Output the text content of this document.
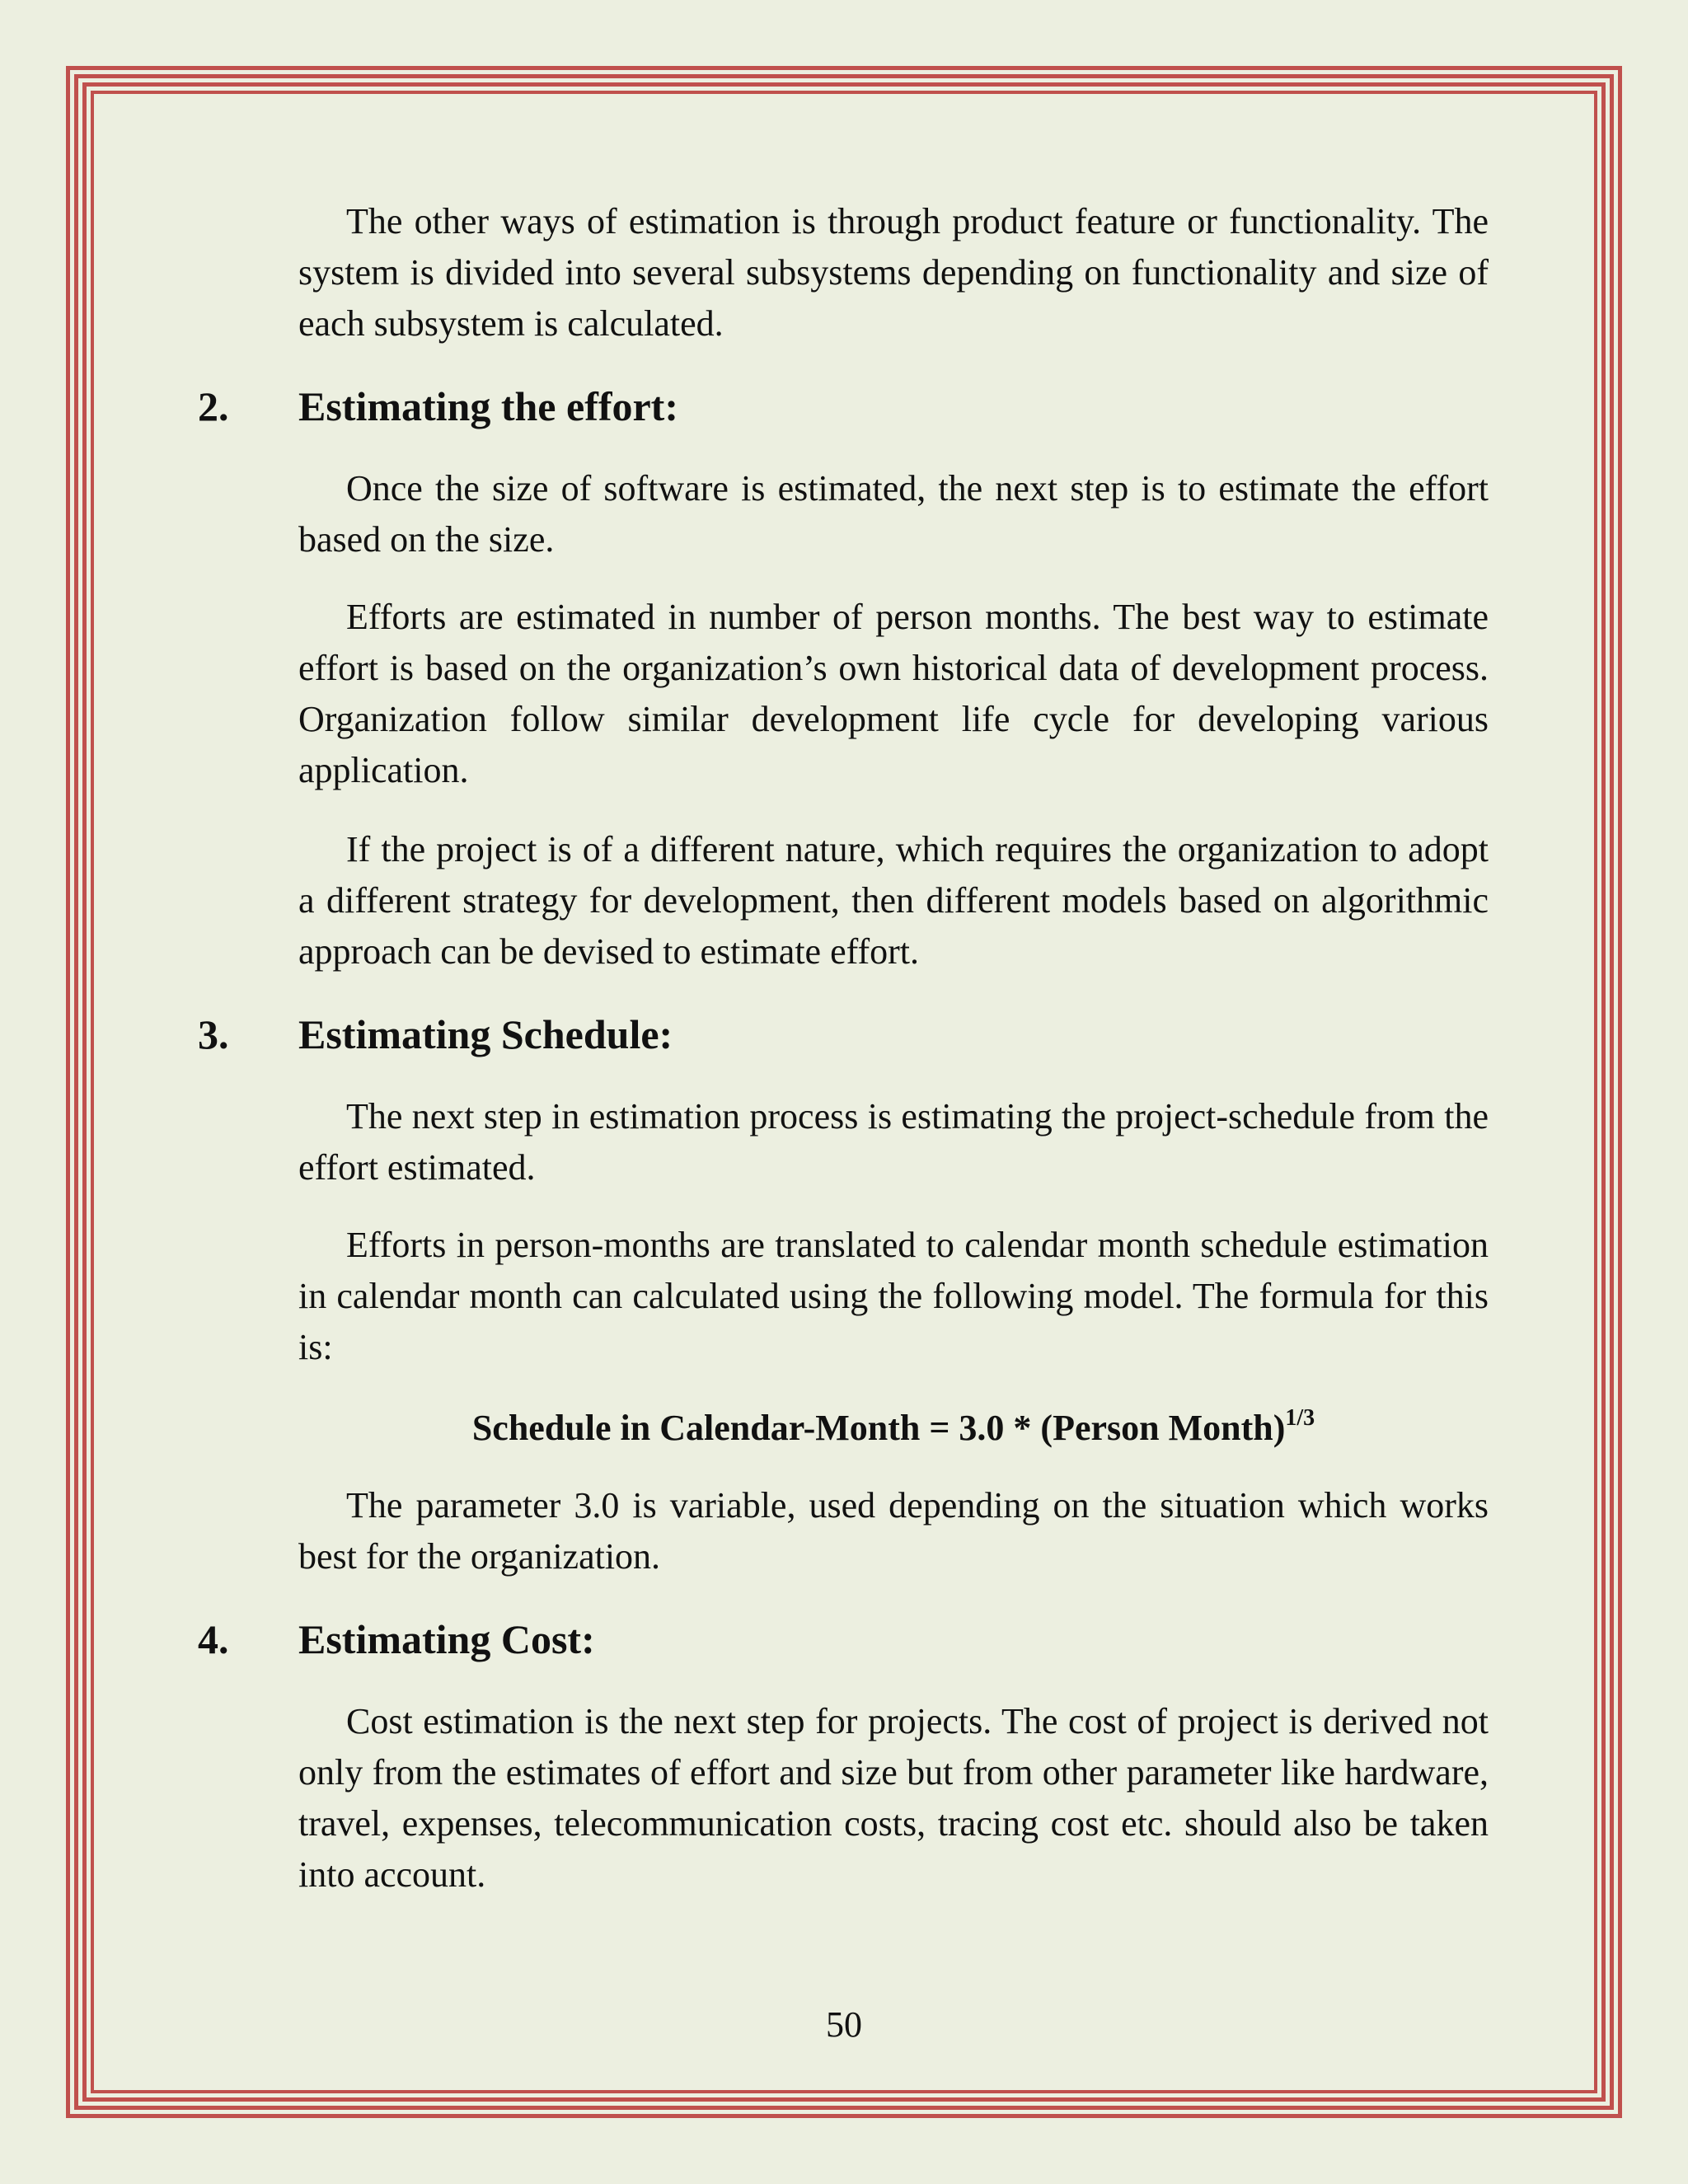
The other ways of estimation is through product feature or functionality. The system is divided into several subsystems depending on functionality and size of each subsystem is calculated.

2. Estimating the effort:

Once the size of software is estimated, the next step is to estimate the effort based on the size.

Efforts are estimated in number of person months. The best way to estimate effort is based on the organization’s own historical data of development process. Organization follow similar development life cycle for developing various application.

If the project is of a different nature, which requires the organization to adopt a different strategy for development, then different models based on algorithmic approach can be devised to estimate effort.

3. Estimating Schedule:

The next step in estimation process is estimating the project-schedule from the effort estimated.

Efforts in person-months are translated to calendar month schedule estimation in calendar month can calculated using the following model. The formula for this is:

Schedule in Calendar-Month = 3.0 * (Person Month)$^{1/3}$

The parameter 3.0 is variable, used depending on the situation which works best for the organization.

4. Estimating Cost:

Cost estimation is the next step for projects. The cost of project is derived not only from the estimates of effort and size but from other parameter like hardware, travel, expenses, telecommunication costs, tracing cost etc. should also be taken into account.

50
